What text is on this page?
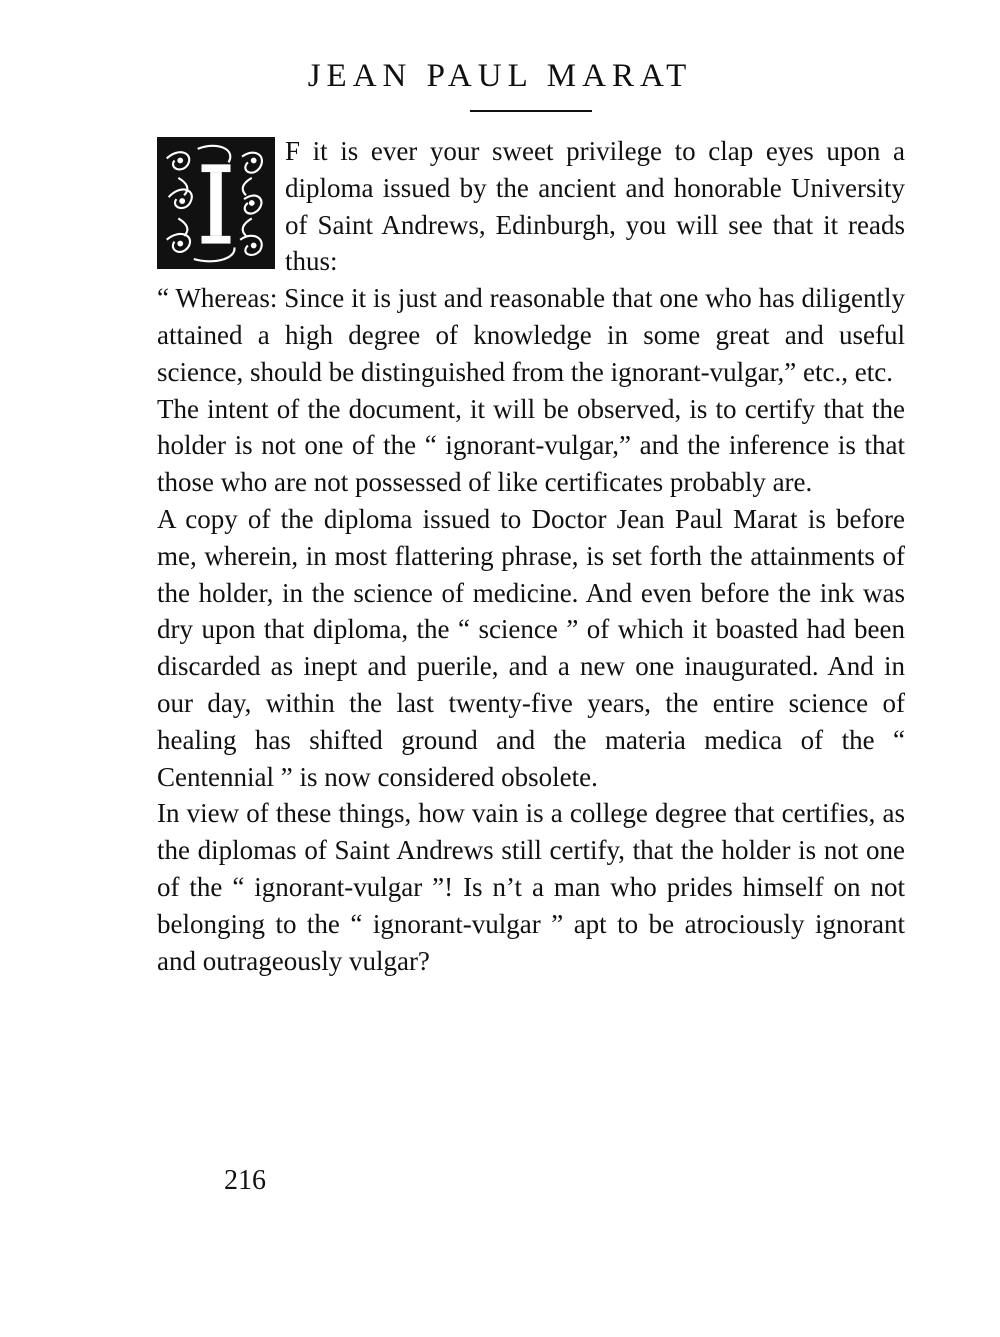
JEAN PAUL MARAT

F it is ever your sweet privilege to clap eyes upon a diploma issued by the ancient and honorable University of Saint Andrews, Edinburgh, you will see that it reads thus:

“ Whereas: Since it is just and reasonable that one who has diligently attained a high degree of knowledge in some great and useful science, should be distinguished from the ignorant-vulgar,” etc., etc.

The intent of the document, it will be observed, is to certify that the holder is not one of the “ ignorant-vulgar,” and the inference is that those who are not possessed of like certificates probably are.

A copy of the diploma issued to Doctor Jean Paul Marat is before me, wherein, in most flattering phrase, is set forth the attainments of the holder, in the science of medicine. And even before the ink was dry upon that diploma, the “ science ” of which it boasted had been discarded as inept and puerile, and a new one inaugurated. And in our day, within the last twenty-five years, the entire science of healing has shifted ground and the materia medica of the “ Centennial ” is now considered obsolete.

In view of these things, how vain is a college degree that certifies, as the diplomas of Saint Andrews still certify, that the holder is not one of the “ ignorant-vulgar ”! Is n’t a man who prides himself on not belonging to the “ ignorant-vulgar ” apt to be atrociously ignorant and outrageously vulgar?

216
